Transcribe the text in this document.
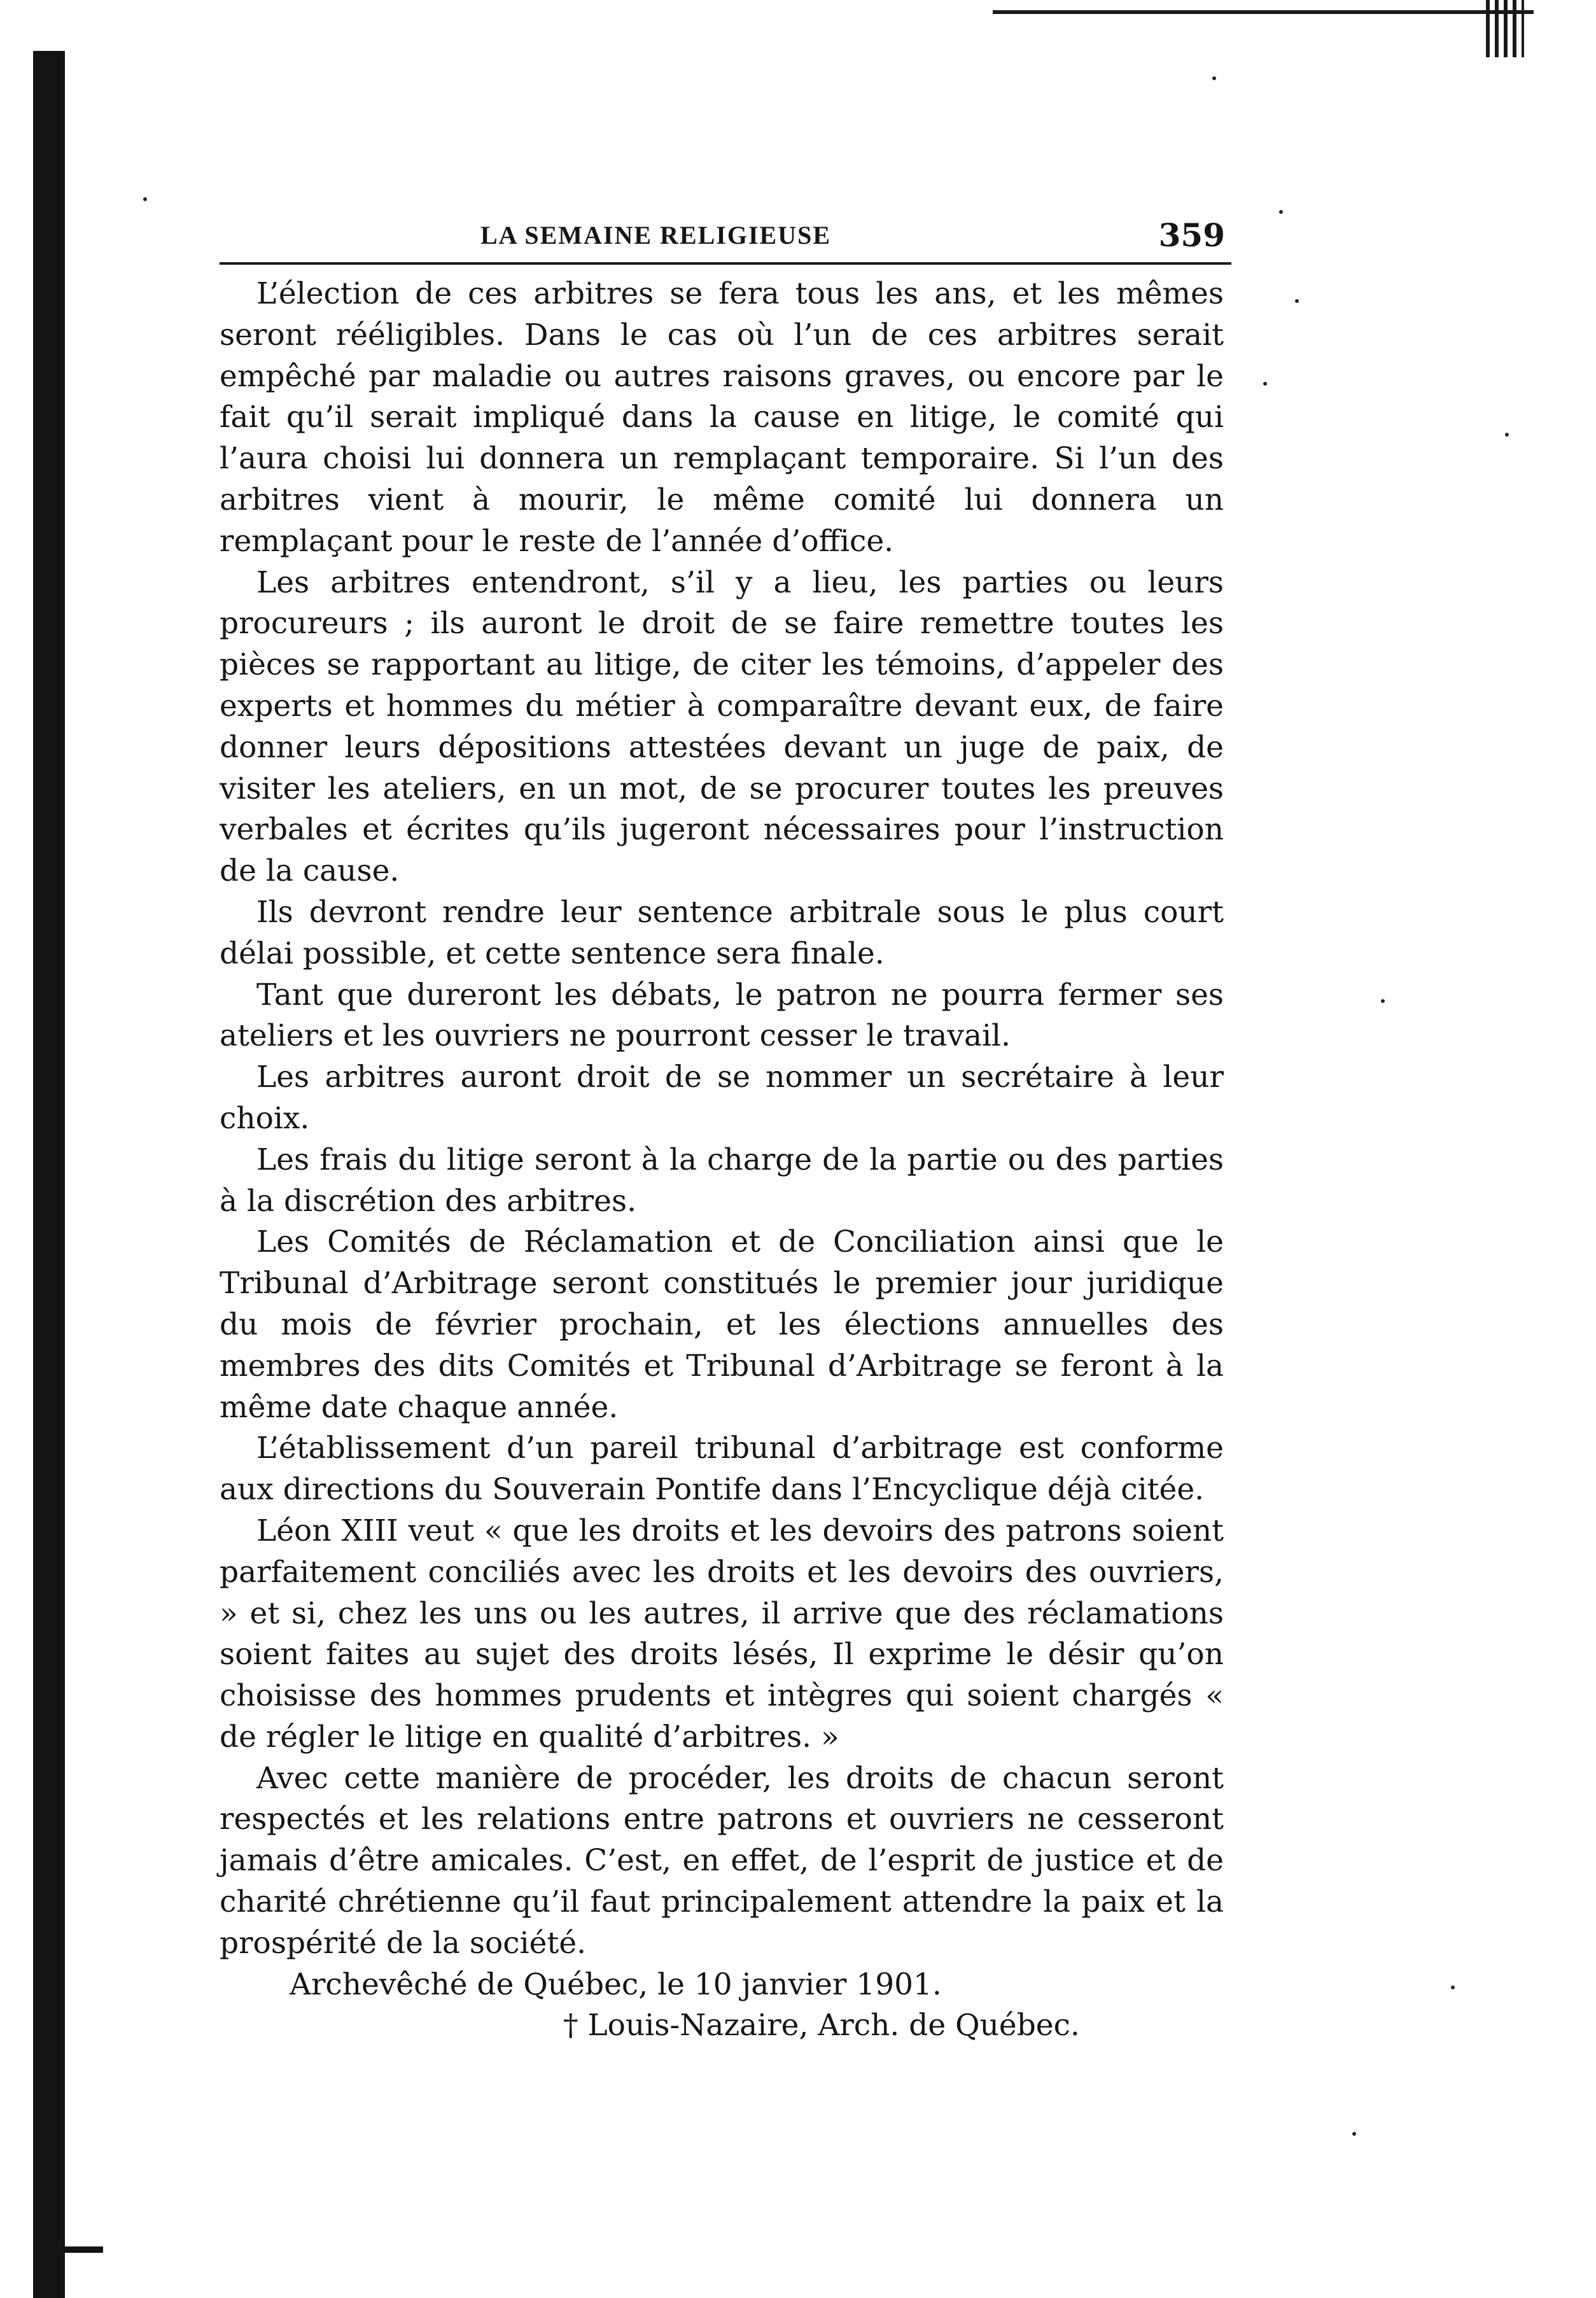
LA SEMAINE RELIGIEUSE	359

L’élection de ces arbitres se fera tous les ans, et les mêmes seront rééligibles. Dans le cas où l’un de ces arbitres serait empêché par maladie ou autres raisons graves, ou encore par le fait qu’il serait impliqué dans la cause en litige, le comité qui l’aura choisi lui donnera un remplaçant temporaire. Si l’un des arbitres vient à mourir, le même comité lui donnera un remplaçant pour le reste de l’année d’office.

Les arbitres entendront, s’il y a lieu, les parties ou leurs procureurs ; ils auront le droit de se faire remettre toutes les pièces se rapportant au litige, de citer les témoins, d’appeler des experts et hommes du métier à comparaître devant eux, de faire donner leurs dépositions attestées devant un juge de paix, de visiter les ateliers, en un mot, de se procurer toutes les preuves verbales et écrites qu’ils jugeront nécessaires pour l’instruction de la cause.

Ils devront rendre leur sentence arbitrale sous le plus court délai possible, et cette sentence sera finale.

Tant que dureront les débats, le patron ne pourra fermer ses ateliers et les ouvriers ne pourront cesser le travail.

Les arbitres auront droit de se nommer un secrétaire à leur choix.

Les frais du litige seront à la charge de la partie ou des parties à la discrétion des arbitres.

Les Comités de Réclamation et de Conciliation ainsi que le Tribunal d’Arbitrage seront constitués le premier jour juridique du mois de février prochain, et les élections annuelles des membres des dits Comités et Tribunal d’Arbitrage se feront à la même date chaque année.

L’établissement d’un pareil tribunal d’arbitrage est conforme aux directions du Souverain Pontife dans l’Encyclique déjà citée.

Léon XIII veut « que les droits et les devoirs des patrons soient parfaitement conciliés avec les droits et les devoirs des ouvriers, » et si, chez les uns ou les autres, il arrive que des réclamations soient faites au sujet des droits lésés, Il exprime le désir qu’on choisisse des hommes prudents et intègres qui soient chargés « de régler le litige en qualité d’arbitres. »

Avec cette manière de procéder, les droits de chacun seront respectés et les relations entre patrons et ouvriers ne cesseront jamais d’être amicales. C’est, en effet, de l’esprit de justice et de charité chrétienne qu’il faut principalement attendre la paix et la prospérité de la société.

Archevêché de Québec, le 10 janvier 1901.

† Louis-Nazaire, Arch. de Québec.
